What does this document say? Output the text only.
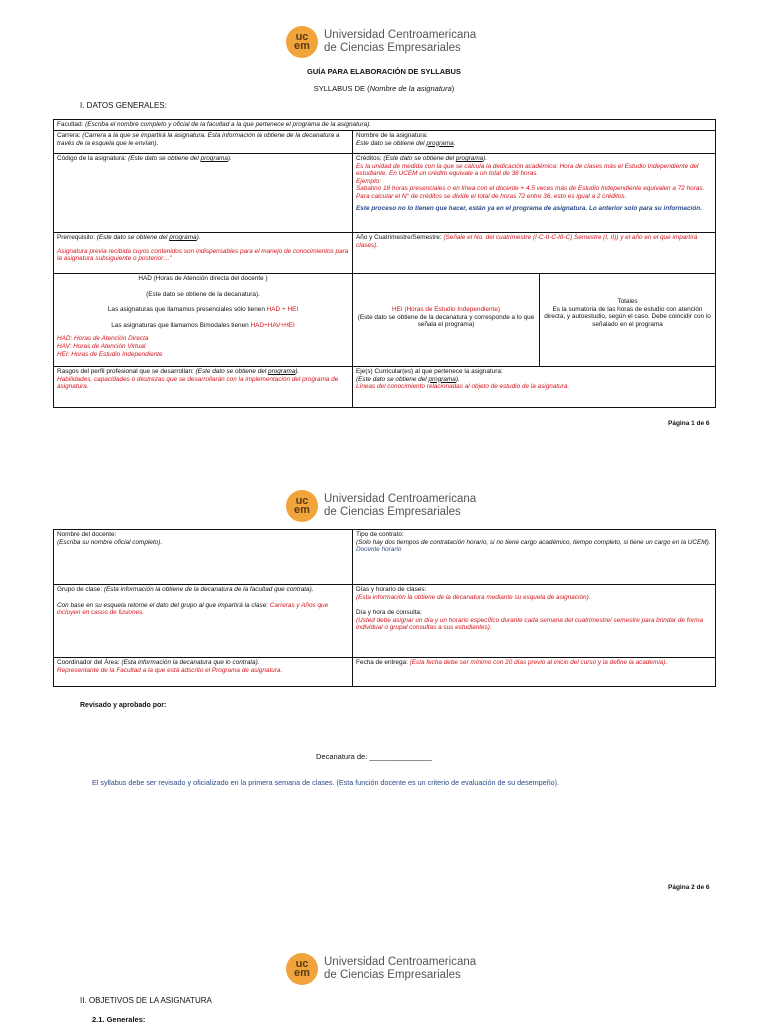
uc
em
Universidad Centroamericana
de Ciencias Empresariales
GUÍA PARA ELABORACIÓN DE SYLLABUS
SYLLABUS DE (Nombre de la asignatura)
I. DATOS GENERALES:
Facultad: (Escriba el nombre completo y oficial de la facultad a la que pertenece el programa de la asignatura).
Carrera: (Carrera a la que se impartirá la asignatura. Esta información la obtiene de la decanatura a través de la esquela que le envían).
Nombre de la asignatura:
Este dato se obtiene del programa.
Código de la asignatura: (Este dato se obtiene del programa).	Créditos: (Este dato se obtiene del programa).
Es la unidad de medida con la que se calcula la dedicación académica: Hora de clases más el Estudio Independiente del estudiante. En UCEM un crédito equivale a un total de 36 horas.
Ejemplo:
Sabatino 18 horas presenciales o en línea con el docente + 4.5 veces más de Estudio Independiente equivalen a 72 horas.
Para calcular el N° de créditos se divide el total de horas 72 entre 36, esto es igual a 2 créditos.
Este proceso no lo tienen que hacer, están ya en el programa de asignatura. Lo anterior solo para su información.
Prerrequisito: (Este dato se obtiene del programa).
Asignatura previa recibida cuyos contenidos son indispensables para el manejo de conocimientos para la asignatura subsiguiente o posterior…"
Año y Cuatrimestre/Semestre: (Señale el No. del cuatrimestre (I-C-II-C-III-C) Semestre (I, II)) y el año en el que impartirá clases).
HAD (Horas de Atención directa del docente )
(Este dato se obtiene de la decanatura).
Las asignaturas que llamamos presenciales sólo tienen HAD + HEI
Las asignaturas que llamamos Bimodales tienen HAD+HAV+HEI
HAD: Horas de Atención Directa
HAV: Horas de Atención Virtual
HEI: Horas de Estudio Independiente
HEI (Horas de Estudio Independiente)
(Este dato se obtiene de la decanatura y corresponde a lo que señala el programa)
Totales
Es la sumatoria de las horas de estudio con atención directa, y autoestudio, según el caso. Debe coincidir con lo señalado en el programa
Rasgos del perfil profesional que se desarrollan: (Este dato se obtiene del programa).
Habilidades, capacidades o destrezas que se desarrollarán con la implementación del programa de asignatura.
Eje(s) Curricular(es) al que pertenece la asignatura:
(Este dato se obtiene del programa).
Líneas del conocimiento relacionadas al objeto de estudio de la asignatura.
Página 1 de 6
uc
em
Universidad Centroamericana
de Ciencias Empresariales
Nombre del docente:
(Escriba su nombre oficial completo).
Tipo de contrato:
(Solo hay dos tiempos de contratación horario, si no tiene cargo académico, tiempo completo, si tiene un cargo en la UCEM).
Docente horario
Grupo de clase: (Esta información la obtiene de la decanatura de la facultad que contrata).
Con base en su esquela retome el dato del grupo al que impartirá la clase: Carreras y Años que incluyen en casos de fusiones.
Días y horario de clases:
(Esta información la obtiene de la decanatura mediante su esquela de asignación).
Día y hora de consulta:
(Usted debe asignar un día y un horario específico durante cada semana del cuatrimestre/ semestre para brindar de forma individual o grupal consultas a sus estudiantes).
Coordinador del Área: (Esta información la decanatura que lo contrata).
Representante de la Facultad a la que está adscrito el Programa de asignatura.
Fecha de entrega: (Esta fecha debe ser mínimo con 20 días previo al inicio del curso y la define la academia).
Revisado y aprobado por:
Decanatura de: _______________
El syllabus debe ser revisado y oficializado en la primera semana de clases. (Esta función docente es un criterio de evaluación de su desempeño).
Página 2 de 6
uc
em
Universidad Centroamericana
de Ciencias Empresariales
II. OBJETIVOS DE LA ASIGNATURA
2.1. Generales:
